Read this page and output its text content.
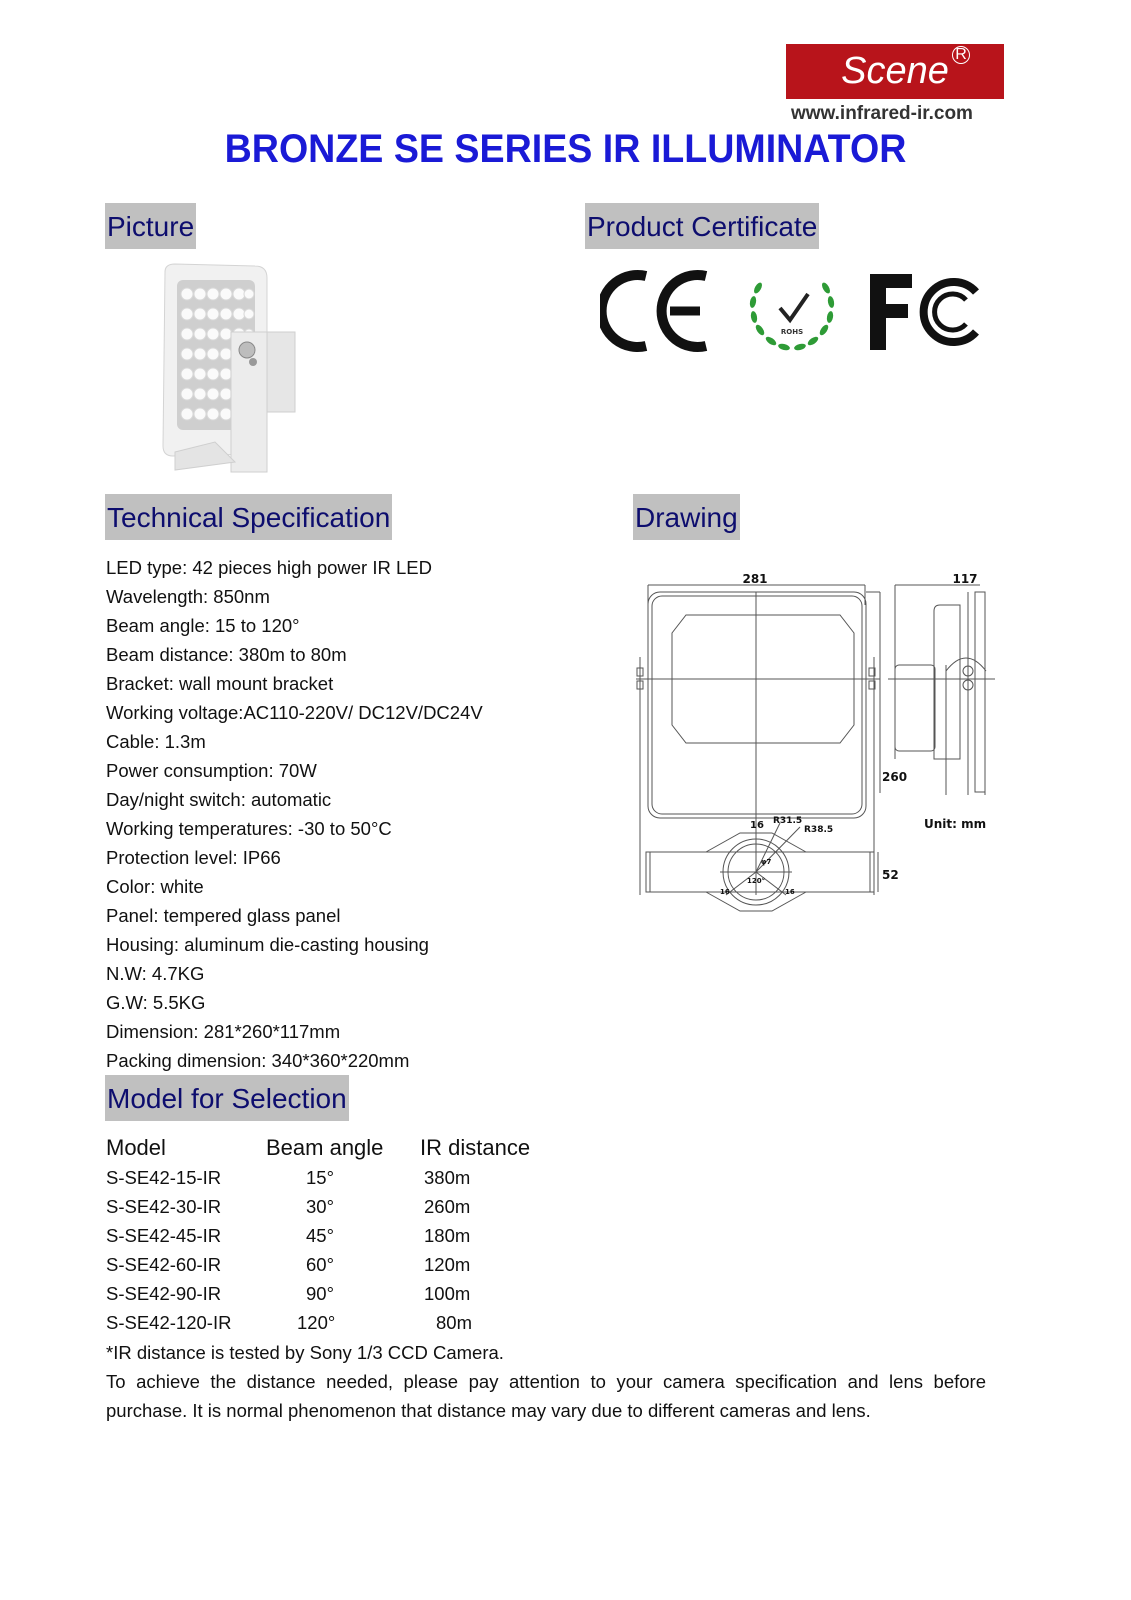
Scene R
www.infrared-ir.com
BRONZE SE SERIES IR ILLUMINATOR
Picture	Product Certificate
Technical Specification	Drawing
Model for Selection
ROHS
LED type: 42 pieces high power IR LED
Wavelength: 850nm
Beam angle: 15 to 120°
Beam distance: 380m to 80m
Bracket: wall mount bracket
Working voltage:AC110-220V/ DC12V/DC24V
Cable: 1.3m
Power consumption: 70W
Day/night switch: automatic
Working temperatures: -30 to 50°C
Protection level: IP66
Color: white
Panel: tempered glass panel
Housing: aluminum die-casting housing
N.W: 4.7KG
G.W: 5.5KG
Dimension: 281*260*117mm
Packing dimension: 340*360*220mm
281	117
260
Unit: mm
16 R31.5
R38.5
φ7
120°
16	16
52
Model	Beam angle	IR distance
S-SE42-15-IR	15°	380m
S-SE42-30-IR	30°	260m
S-SE42-45-IR	45°	180m
S-SE42-60-IR	60°	120m
S-SE42-90-IR	90°	100m
S-SE42-120-IR	120°	80m
*IR distance is tested by Sony 1/3 CCD Camera.
To achieve the distance needed, please pay attention to your camera specification and lens before purchase. It is normal phenomenon that distance may vary due to different cameras and lens.
